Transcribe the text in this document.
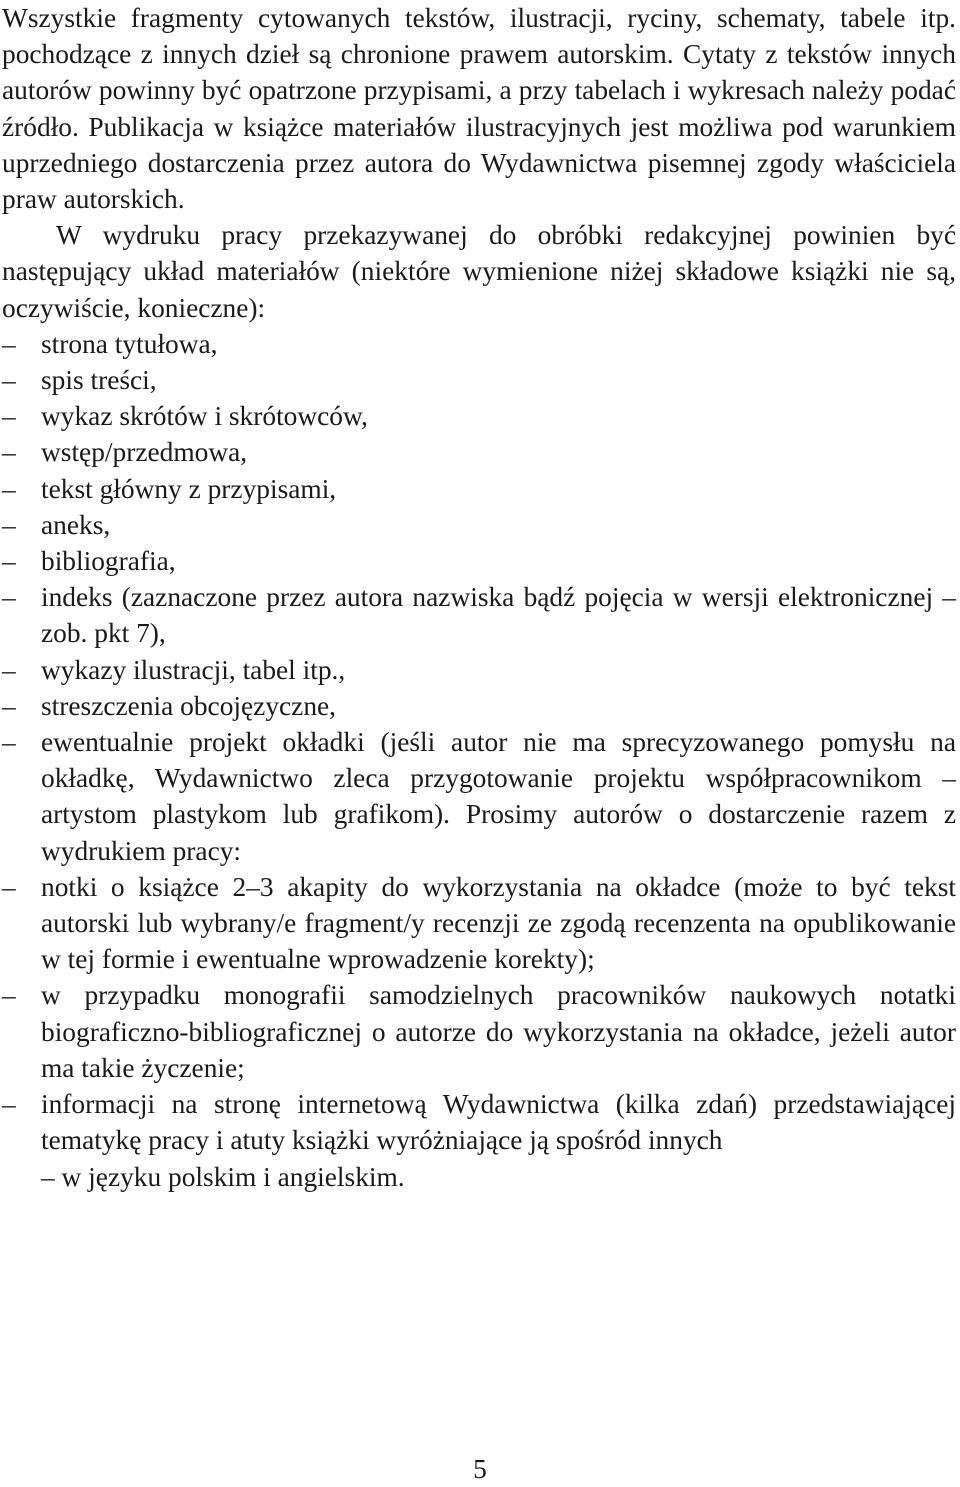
Wszystkie fragmenty cytowanych tekstów, ilustracji, ryciny, schematy, tabele itp. pochodzące z innych dzieł są chronione prawem autorskim. Cytaty z tekstów innych autorów powinny być opatrzone przypisami, a przy tabelach i wykresach należy podać źródło. Publikacja w książce materiałów ilustracyjnych jest możliwa pod warunkiem uprzedniego dostarczenia przez autora do Wydawnictwa pisemnej zgody właściciela praw autorskich.

W wydruku pracy przekazywanej do obróbki redakcyjnej powinien być następujący układ materiałów (niektóre wymienione niżej składowe książki nie są, oczywiście, konieczne):

– strona tytułowa,
– spis treści,
– wykaz skrótów i skrótowców,
– wstęp/przedmowa,
– tekst główny z przypisami,
– aneks,
– bibliografia,
– indeks (zaznaczone przez autora nazwiska bądź pojęcia w wersji elektronicznej – zob. pkt 7),
– wykazy ilustracji, tabel itp.,
– streszczenia obcojęzyczne,
– ewentualnie projekt okładki (jeśli autor nie ma sprecyzowanego pomysłu na okładkę, Wydawnictwo zleca przygotowanie projektu współpracownikom – artystom plastykom lub grafikom). Prosimy autorów o dostarczenie razem z wydrukiem pracy:
– notki o książce 2–3 akapity do wykorzystania na okładce (może to być tekst autorski lub wybrany/e fragment/y recenzji ze zgodą recenzenta na opublikowanie w tej formie i ewentualne wprowadzenie korekty);
– w przypadku monografii samodzielnych pracowników naukowych notatki biograficzno-bibliograficznej o autorze do wykorzystania na okładce, jeżeli autor ma takie życzenie;
– informacji na stronę internetową Wydawnictwa (kilka zdań) przedstawiającej tematykę pracy i atuty książki wyróżniające ją spośród innych
– w języku polskim i angielskim.
5
